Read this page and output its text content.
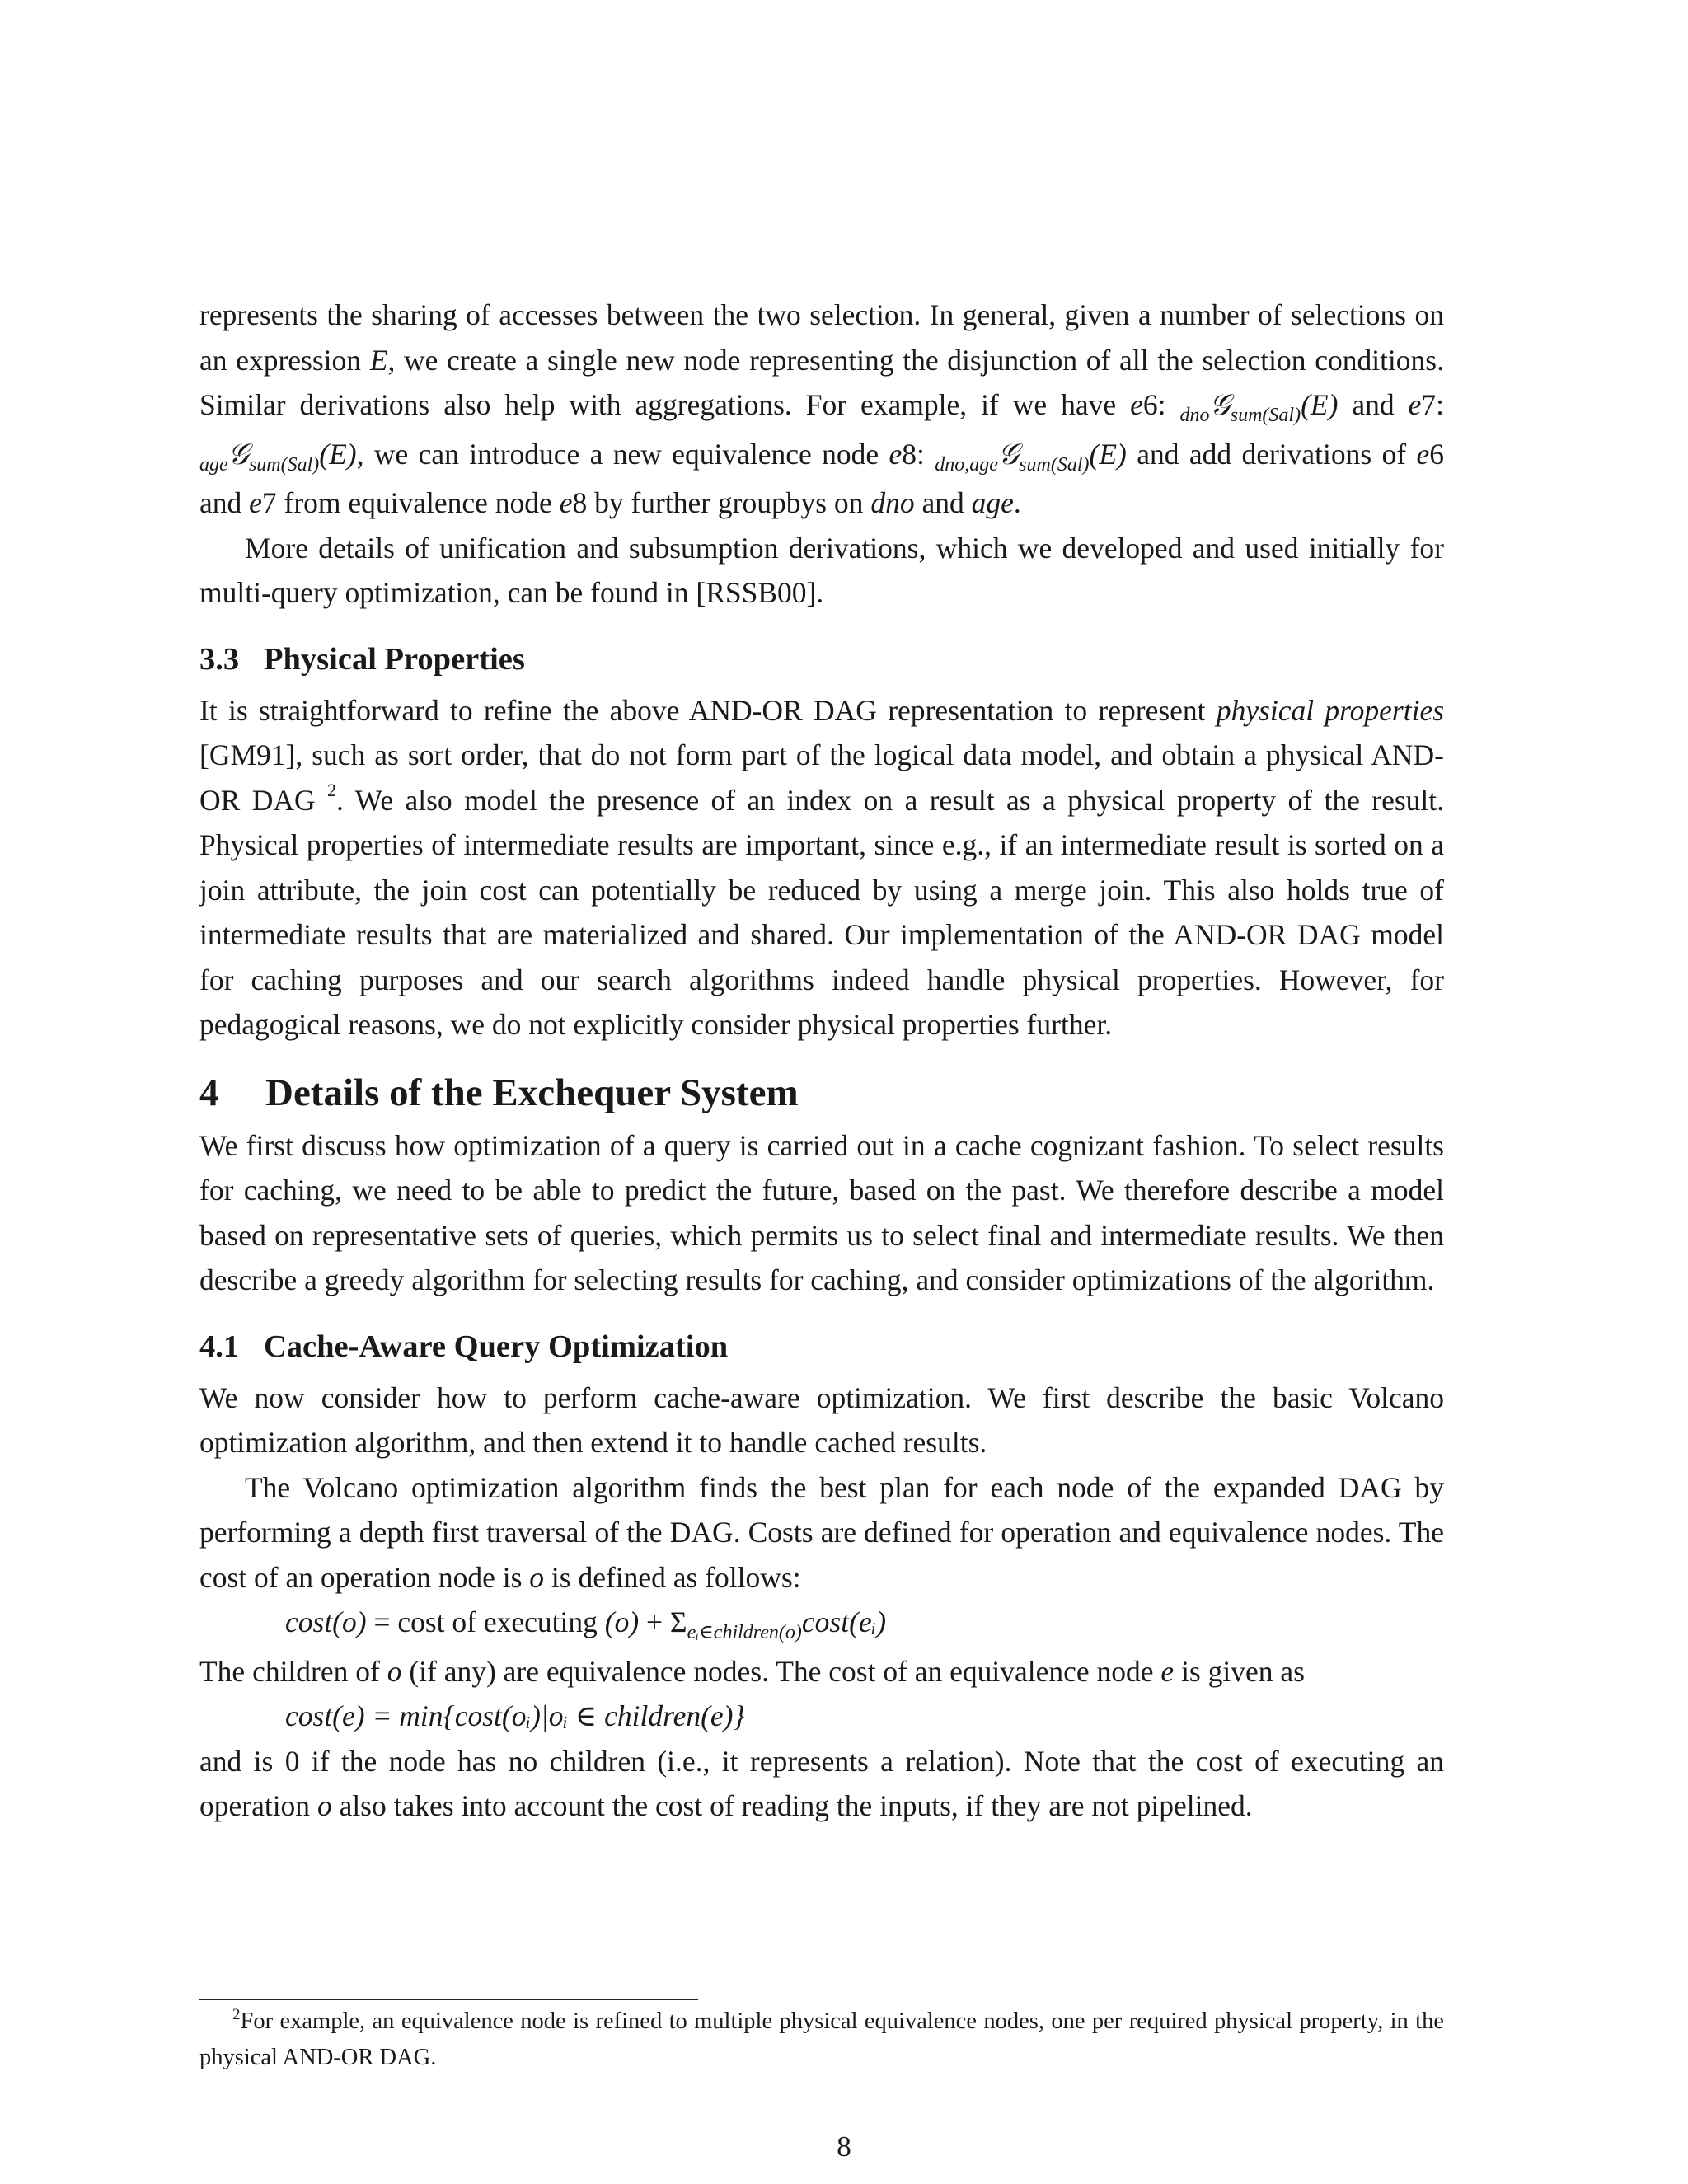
represents the sharing of accesses between the two selection. In general, given a number of selections on an expression E, we create a single new node representing the disjunction of all the selection conditions. Similar derivations also help with aggregations. For example, if we have e6: $_{dno}$𝒢$_{sum(Sal)}$(E) and e7: $_{age}$𝒢$_{sum(Sal)}$(E), we can introduce a new equivalence node e8: $_{dno,age}$𝒢$_{sum(Sal)}$(E) and add derivations of e6 and e7 from equivalence node e8 by further groupbys on dno and age.

More details of unification and subsumption derivations, which we developed and used initially for multi-query optimization, can be found in [RSSB00].

3.3 Physical Properties

It is straightforward to refine the above AND-OR DAG representation to represent physical properties [GM91], such as sort order, that do not form part of the logical data model, and obtain a physical AND-OR DAG $^2$. We also model the presence of an index on a result as a physical property of the result. Physical properties of intermediate results are important, since e.g., if an intermediate result is sorted on a join attribute, the join cost can potentially be reduced by using a merge join. This also holds true of intermediate results that are materialized and shared. Our implementation of the AND-OR DAG model for caching purposes and our search algorithms indeed handle physical properties. However, for pedagogical reasons, we do not explicitly consider physical properties further.

4 Details of the Exchequer System

We first discuss how optimization of a query is carried out in a cache cognizant fashion. To select results for caching, we need to be able to predict the future, based on the past. We therefore describe a model based on representative sets of queries, which permits us to select final and intermediate results. We then describe a greedy algorithm for selecting results for caching, and consider optimizations of the algorithm.

4.1 Cache-Aware Query Optimization

We now consider how to perform cache-aware optimization. We first describe the basic Volcano optimization algorithm, and then extend it to handle cached results.

The Volcano optimization algorithm finds the best plan for each node of the expanded DAG by performing a depth first traversal of the DAG. Costs are defined for operation and equivalence nodes. The cost of an operation node is o is defined as follows:

cost(o) = cost of executing $(o) + \Sigma_{eᵢ\in children(o)}\cos t(eᵢ)$

The children of o (if any) are equivalence nodes. The cost of an equivalence node e is given as

cost(e) = min{cost(oᵢ)|oᵢ ∈ children(e)}

and is 0 if the node has no children (i.e., it represents a relation). Note that the cost of executing an operation o also takes into account the cost of reading the inputs, if they are not pipelined.

$^2$For example, an equivalence node is refined to multiple physical equivalence nodes, one per required physical property, in the physical AND-OR DAG.
8
